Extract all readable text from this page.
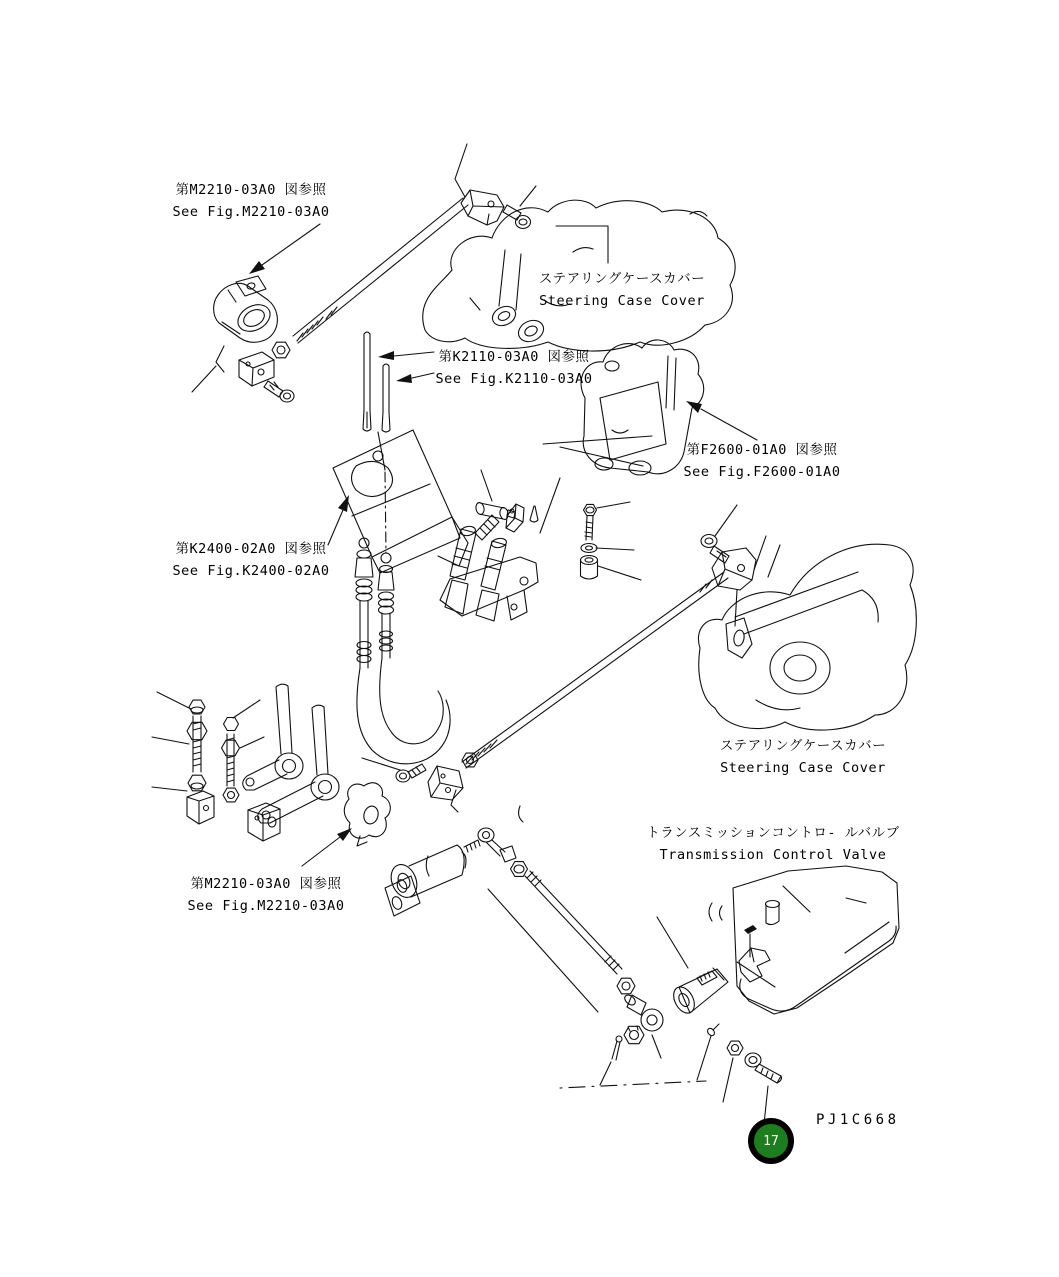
第M2210-03A0 図参照
See Fig.M2210-03A0
ステアリングケースカバー
Steering Case Cover
第K2110-03A0 図参照
See Fig.K2110-03A0
第F2600-01A0 図参照
See Fig.F2600-01A0
第K2400-02A0 図参照
See Fig.K2400-02A0
ステアリングケースカバー
Steering Case Cover
トランスミッションコントロ- ルバルブ
Transmission Control Valve
第M2210-03A0 図参照
See Fig.M2210-03A0
PJ1C668
17
